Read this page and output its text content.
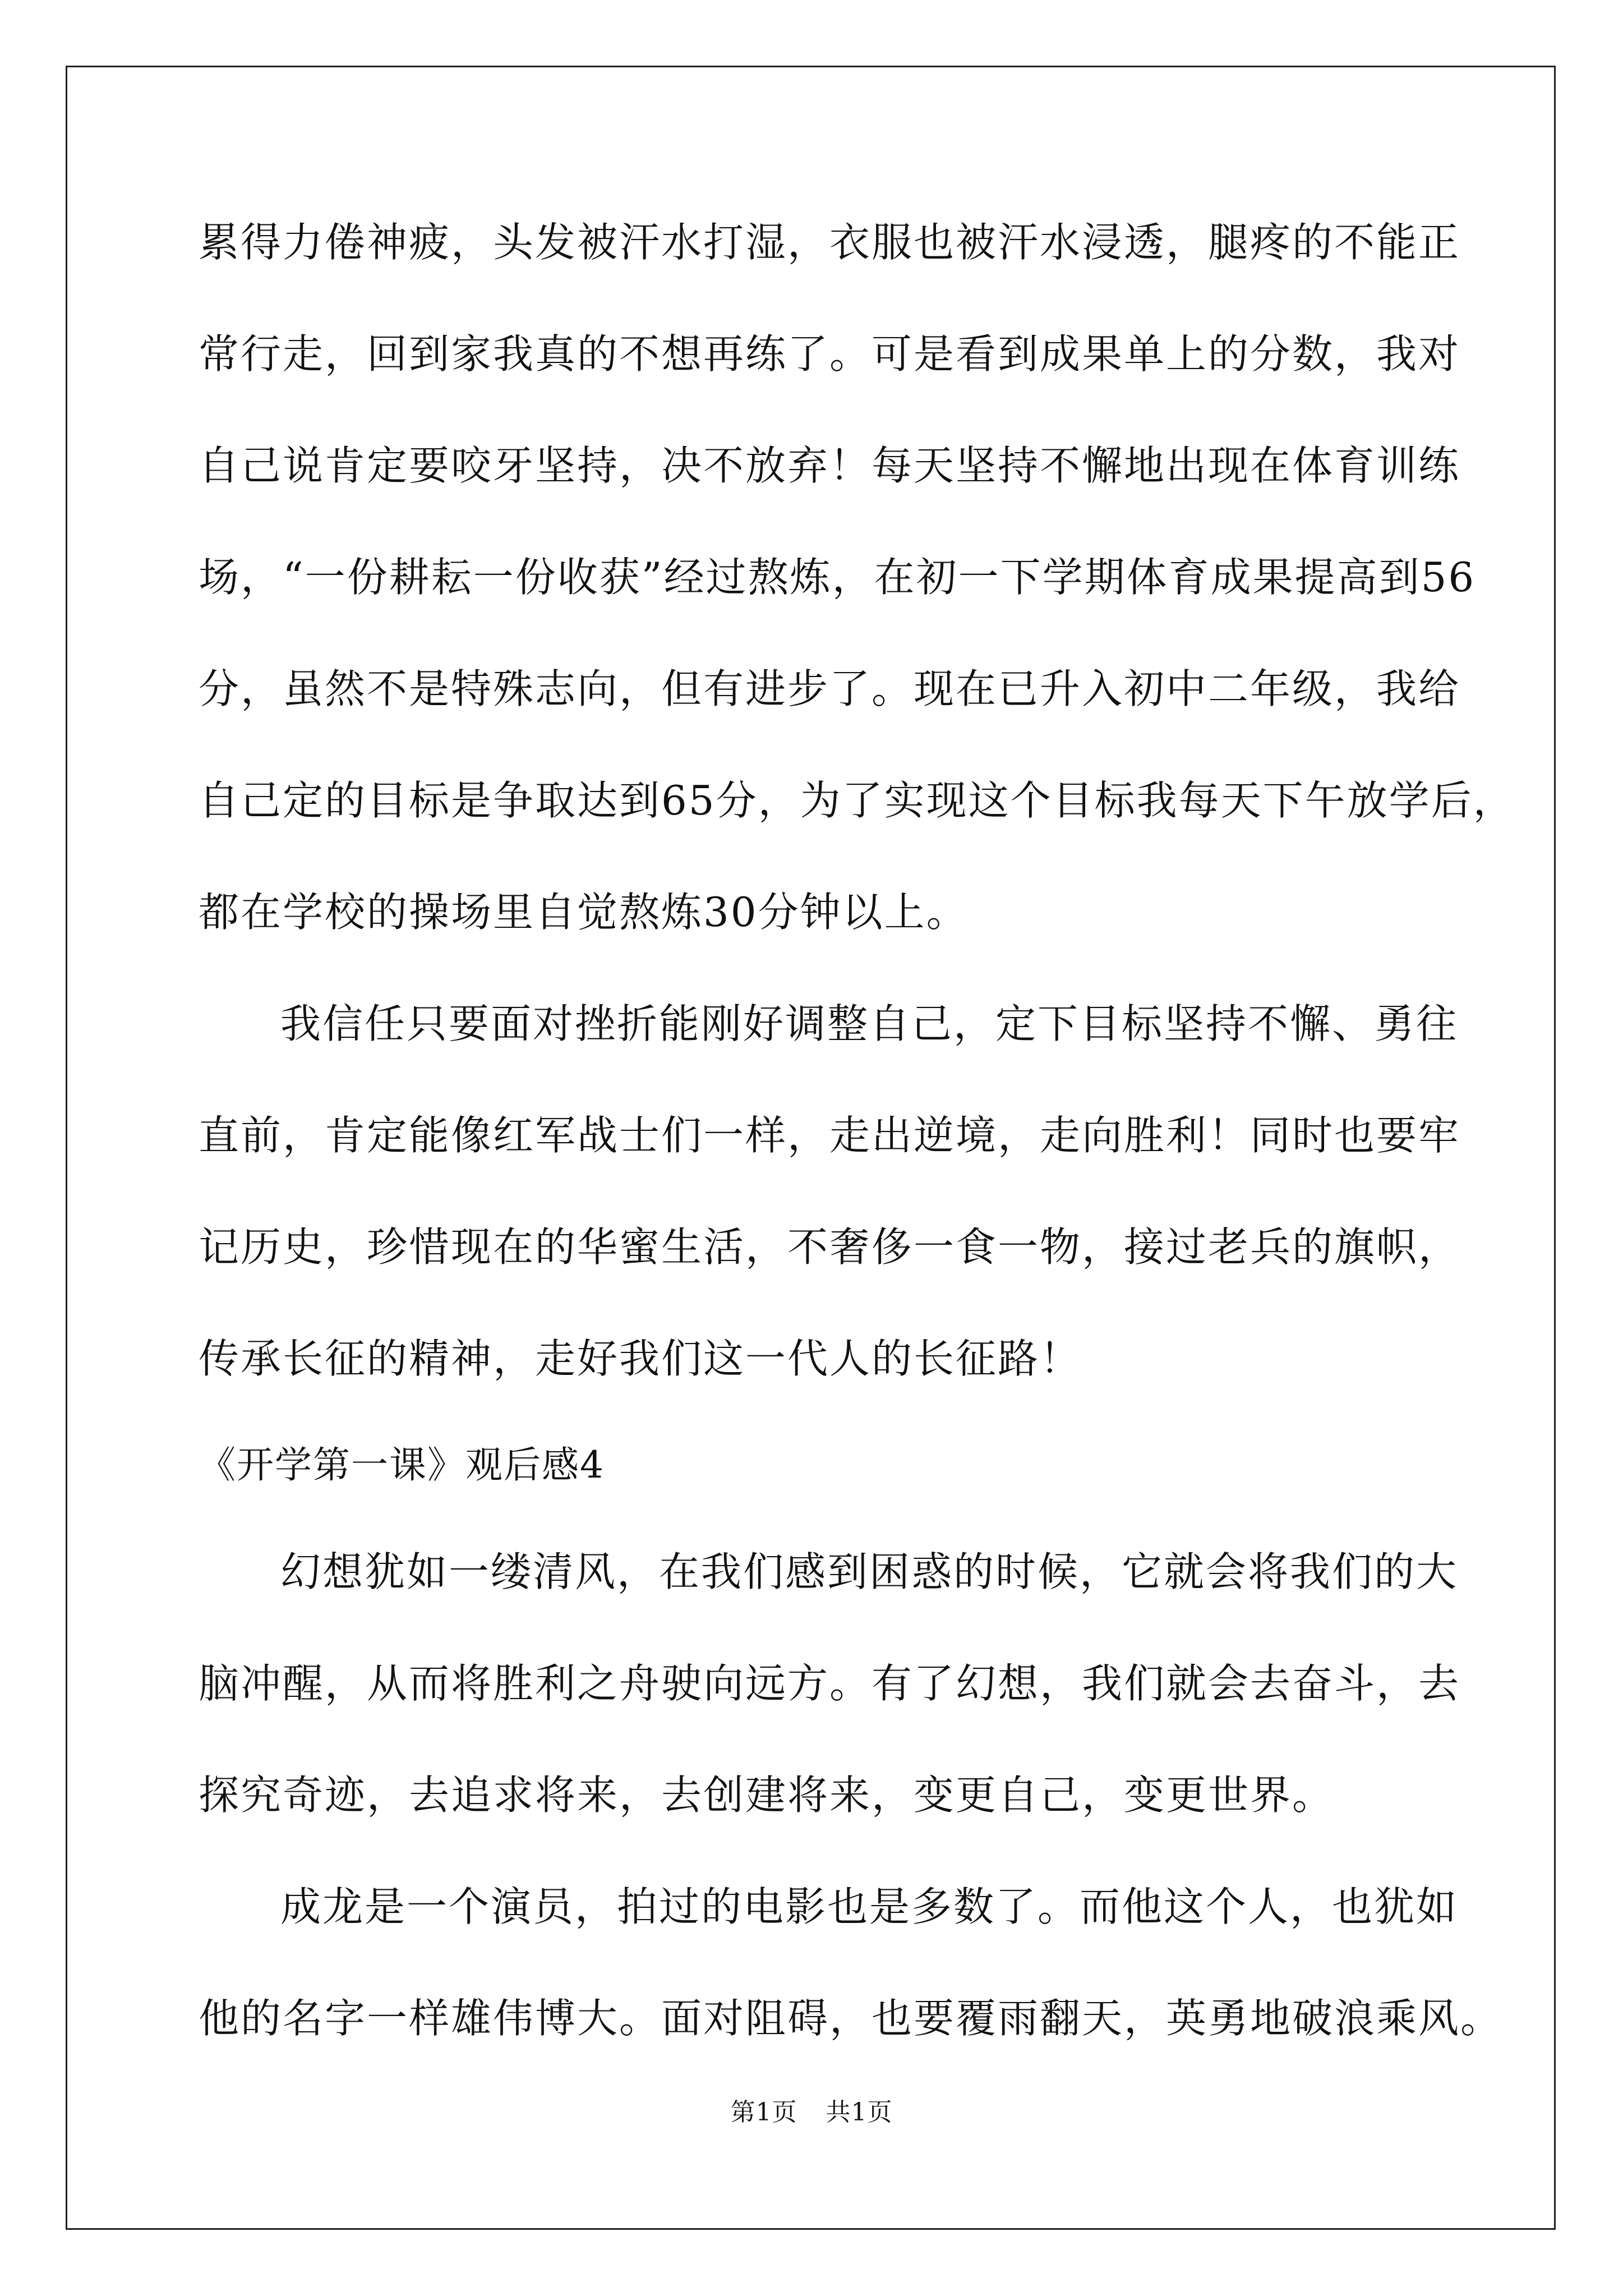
累得力倦神疲，头发被汗水打湿，衣服也被汗水浸透，腿疼的不能正
常行走，回到家我真的不想再练了。可是看到成果单上的分数，我对
自己说肯定要咬牙坚持，决不放弃！每天坚持不懈地出现在体育训练
场，“一份耕耘一份收获”经过熬炼，在初一下学期体育成果提高到56
分，虽然不是特殊志向，但有进步了。现在已升入初中二年级，我给
自己定的目标是争取达到65分，为了实现这个目标我每天下午放学后，
都在学校的操场里自觉熬炼30分钟以上。
我信任只要面对挫折能刚好调整自己，定下目标坚持不懈、勇往
直前，肯定能像红军战士们一样，走出逆境，走向胜利！同时也要牢
记历史，珍惜现在的华蜜生活，不奢侈一食一物，接过老兵的旗帜，
传承长征的精神，走好我们这一代人的长征路！
《开学第一课》观后感4
幻想犹如一缕清风，在我们感到困惑的时候，它就会将我们的大
脑冲醒，从而将胜利之舟驶向远方。有了幻想，我们就会去奋斗，去
探究奇迹，去追求将来，去创建将来，变更自己，变更世界。
成龙是一个演员，拍过的电影也是多数了。而他这个人，也犹如
他的名字一样雄伟博大。面对阻碍，也要覆雨翻天，英勇地破浪乘风。
第1页 共1页
